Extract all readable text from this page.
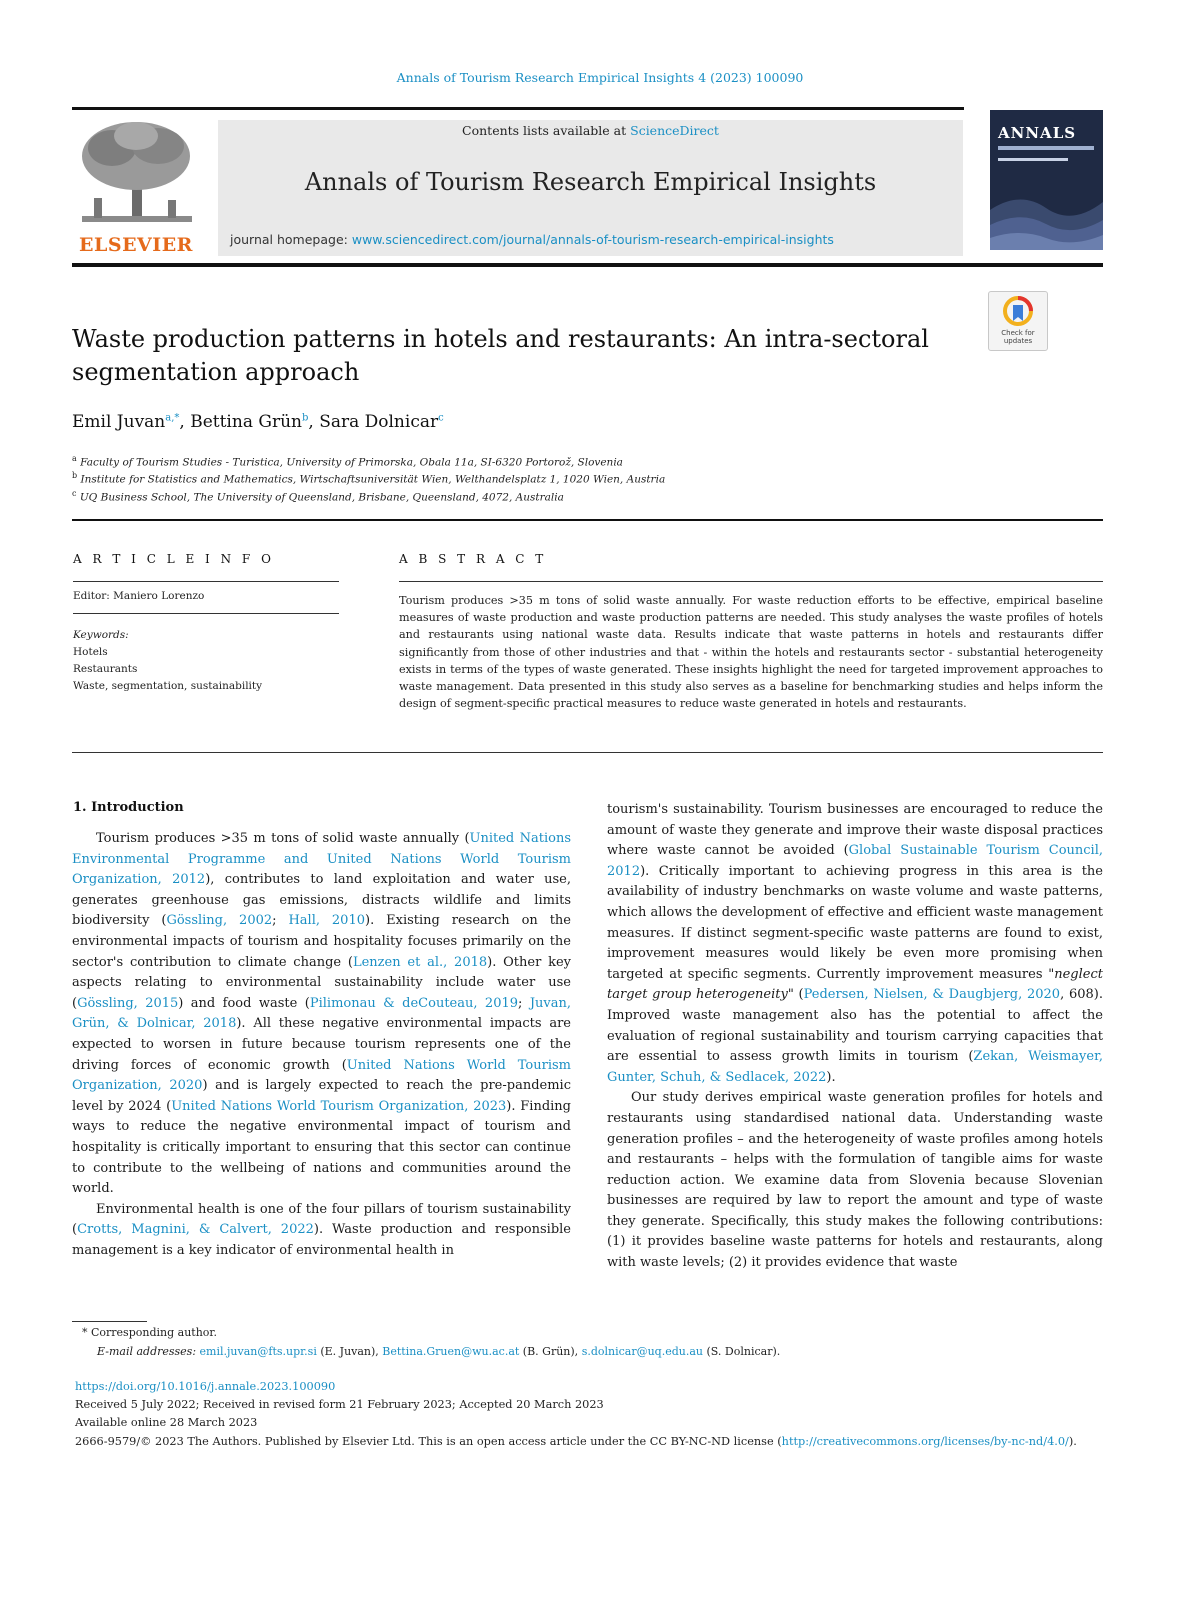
Annals of Tourism Research Empirical Insights 4 (2023) 100090
ELSEVIER
Contents lists available at ScienceDirect
Annals of Tourism Research Empirical Insights
journal homepage: www.sciencedirect.com/journal/annals-of-tourism-research-empirical-insights
ANNALS
Check for updates
Waste production patterns in hotels and restaurants: An intra-sectoral segmentation approach
Emil Juvan$^{a,*}$, Bettina Grün$^b$, Sara Dolnicar$^c$
$^a$ Faculty of Tourism Studies - Turistica, University of Primorska, Obala 11a, SI-6320 Portorož, Slovenia
$^b$ Institute for Statistics and Mathematics, Wirtschaftsuniversität Wien, Welthandelsplatz 1, 1020 Wien, Austria
$^c$ UQ Business School, The University of Queensland, Brisbane, Queensland, 4072, Australia
A R T I C L E I N F O	A B S T R A C T
Editor: Maniero Lorenzo
Keywords:
Hotels
Restaurants
Waste, segmentation, sustainability
Tourism produces >35 m tons of solid waste annually. For waste reduction efforts to be effective, empirical baseline measures of waste production and waste production patterns are needed. This study analyses the waste profiles of hotels and restaurants using national waste data. Results indicate that waste patterns in hotels and restaurants differ significantly from those of other industries and that - within the hotels and restaurants sector - substantial heterogeneity exists in terms of the types of waste generated. These insights highlight the need for targeted improvement approaches to waste management. Data presented in this study also serves as a baseline for benchmarking studies and helps inform the design of segment-specific practical measures to reduce waste generated in hotels and restaurants.
1. Introduction

Tourism produces >35 m tons of solid waste annually (United Nations Environmental Programme and United Nations World Tourism Organization, 2012), contributes to land exploitation and water use, generates greenhouse gas emissions, distracts wildlife and limits biodiversity (Gössling, 2002; Hall, 2010). Existing research on the environmental impacts of tourism and hospitality focuses primarily on the sector's contribution to climate change (Lenzen et al., 2018). Other key aspects relating to environmental sustainability include water use (Gössling, 2015) and food waste (Pilimonau & deCouteau, 2019; Juvan, Grün, & Dolnicar, 2018). All these negative environmental impacts are expected to worsen in future because tourism represents one of the driving forces of economic growth (United Nations World Tourism Organization, 2020) and is largely expected to reach the pre-pandemic level by 2024 (United Nations World Tourism Organization, 2023). Finding ways to reduce the negative environmental impact of tourism and hospitality is critically important to ensuring that this sector can continue to contribute to the wellbeing of nations and communities around the world.

Environmental health is one of the four pillars of tourism sustainability (Crotts, Magnini, & Calvert, 2022). Waste production and responsible management is a key indicator of environmental health in

tourism's sustainability. Tourism businesses are encouraged to reduce the amount of waste they generate and improve their waste disposal practices where waste cannot be avoided (Global Sustainable Tourism Council, 2012). Critically important to achieving progress in this area is the availability of industry benchmarks on waste volume and waste patterns, which allows the development of effective and efficient waste management measures. If distinct segment-specific waste patterns are found to exist, improvement measures would likely be even more promising when targeted at specific segments. Currently improvement measures "neglect target group heterogeneity" (Pedersen, Nielsen, & Daugbjerg, 2020, 608). Improved waste management also has the potential to affect the evaluation of regional sustainability and tourism carrying capacities that are essential to assess growth limits in tourism (Zekan, Weismayer, Gunter, Schuh, & Sedlacek, 2022).

Our study derives empirical waste generation profiles for hotels and restaurants using standardised national data. Understanding waste generation profiles – and the heterogeneity of waste profiles among hotels and restaurants – helps with the formulation of tangible aims for waste reduction action. We examine data from Slovenia because Slovenian businesses are required by law to report the amount and type of waste they generate. Specifically, this study makes the following contributions: (1) it provides baseline waste patterns for hotels and restaurants, along with waste levels; (2) it provides evidence that waste

* Corresponding author.
E-mail addresses: emil.juvan@fts.upr.si (E. Juvan), Bettina.Gruen@wu.ac.at (B. Grün), s.dolnicar@uq.edu.au (S. Dolnicar).
https://doi.org/10.1016/j.annale.2023.100090
Received 5 July 2022; Received in revised form 21 February 2023; Accepted 20 March 2023
Available online 28 March 2023
2666-9579/© 2023 The Authors. Published by Elsevier Ltd. This is an open access article under the CC BY-NC-ND license (http://creativecommons.org/licenses/by-nc-nd/4.0/).
